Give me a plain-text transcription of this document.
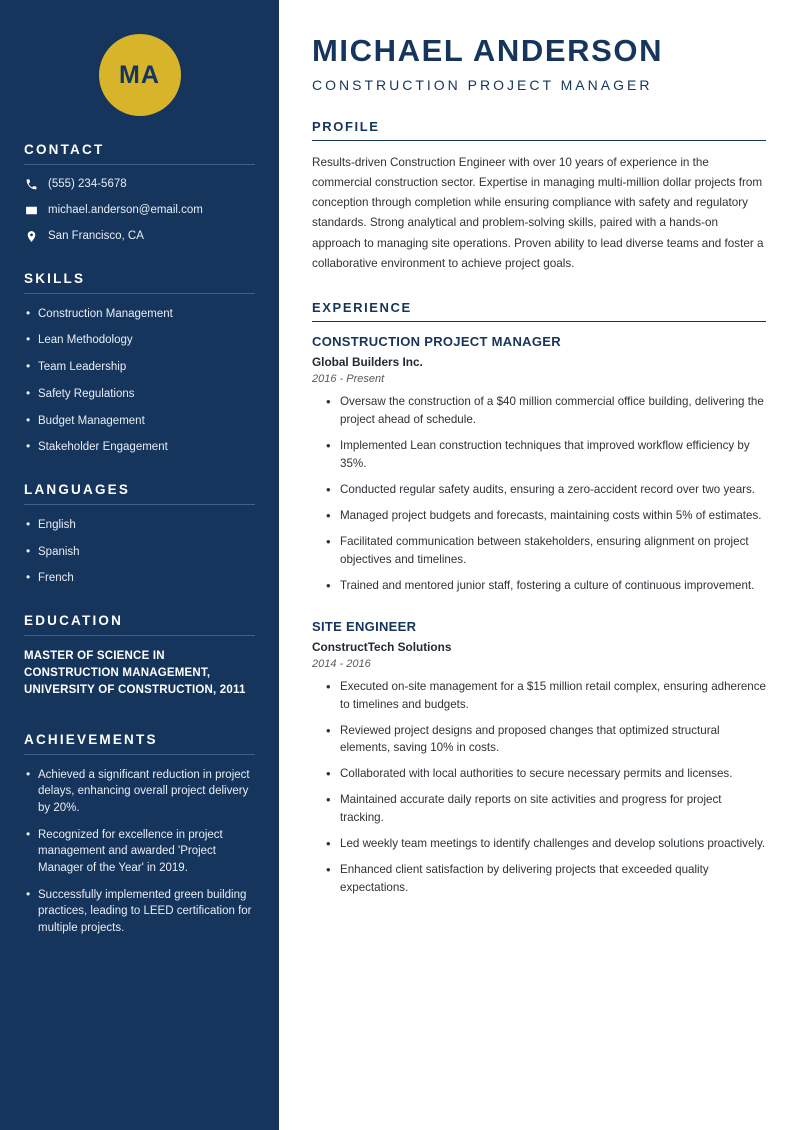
MA
CONTACT
(555) 234-5678
michael.anderson@email.com
San Francisco, CA
SKILLS
• Construction Management
• Lean Methodology
• Team Leadership
• Safety Regulations
• Budget Management
• Stakeholder Engagement
LANGUAGES
• English
• Spanish
• French
EDUCATION
MASTER OF SCIENCE IN CONSTRUCTION MANAGEMENT, UNIVERSITY OF CONSTRUCTION, 2011
ACHIEVEMENTS
• Achieved a significant reduction in project delays, enhancing overall project delivery by 20%.
• Recognized for excellence in project management and awarded 'Project Manager of the Year' in 2019.
• Successfully implemented green building practices, leading to LEED certification for multiple projects.
MICHAEL ANDERSON
CONSTRUCTION PROJECT MANAGER
PROFILE

Results-driven Construction Engineer with over 10 years of experience in the commercial construction sector. Expertise in managing multi-million dollar projects from conception through completion while ensuring compliance with safety and regulatory standards. Strong analytical and problem-solving skills, paired with a hands-on approach to managing site operations. Proven ability to lead diverse teams and foster a collaborative environment to achieve project goals.

EXPERIENCE
CONSTRUCTION PROJECT MANAGER
Global Builders Inc.
2016 - Present
• Oversaw the construction of a $40 million commercial office building, delivering the project ahead of schedule.
• Implemented Lean construction techniques that improved workflow efficiency by 35%.
• Conducted regular safety audits, ensuring a zero-accident record over two years.
• Managed project budgets and forecasts, maintaining costs within 5% of estimates.
• Facilitated communication between stakeholders, ensuring alignment on project objectives and timelines.
• Trained and mentored junior staff, fostering a culture of continuous improvement.
SITE ENGINEER
ConstructTech Solutions
2014 - 2016
• Executed on-site management for a $15 million retail complex, ensuring adherence to timelines and budgets.
• Reviewed project designs and proposed changes that optimized structural elements, saving 10% in costs.
• Collaborated with local authorities to secure necessary permits and licenses.
• Maintained accurate daily reports on site activities and progress for project tracking.
• Led weekly team meetings to identify challenges and develop solutions proactively.
• Enhanced client satisfaction by delivering projects that exceeded quality expectations.
